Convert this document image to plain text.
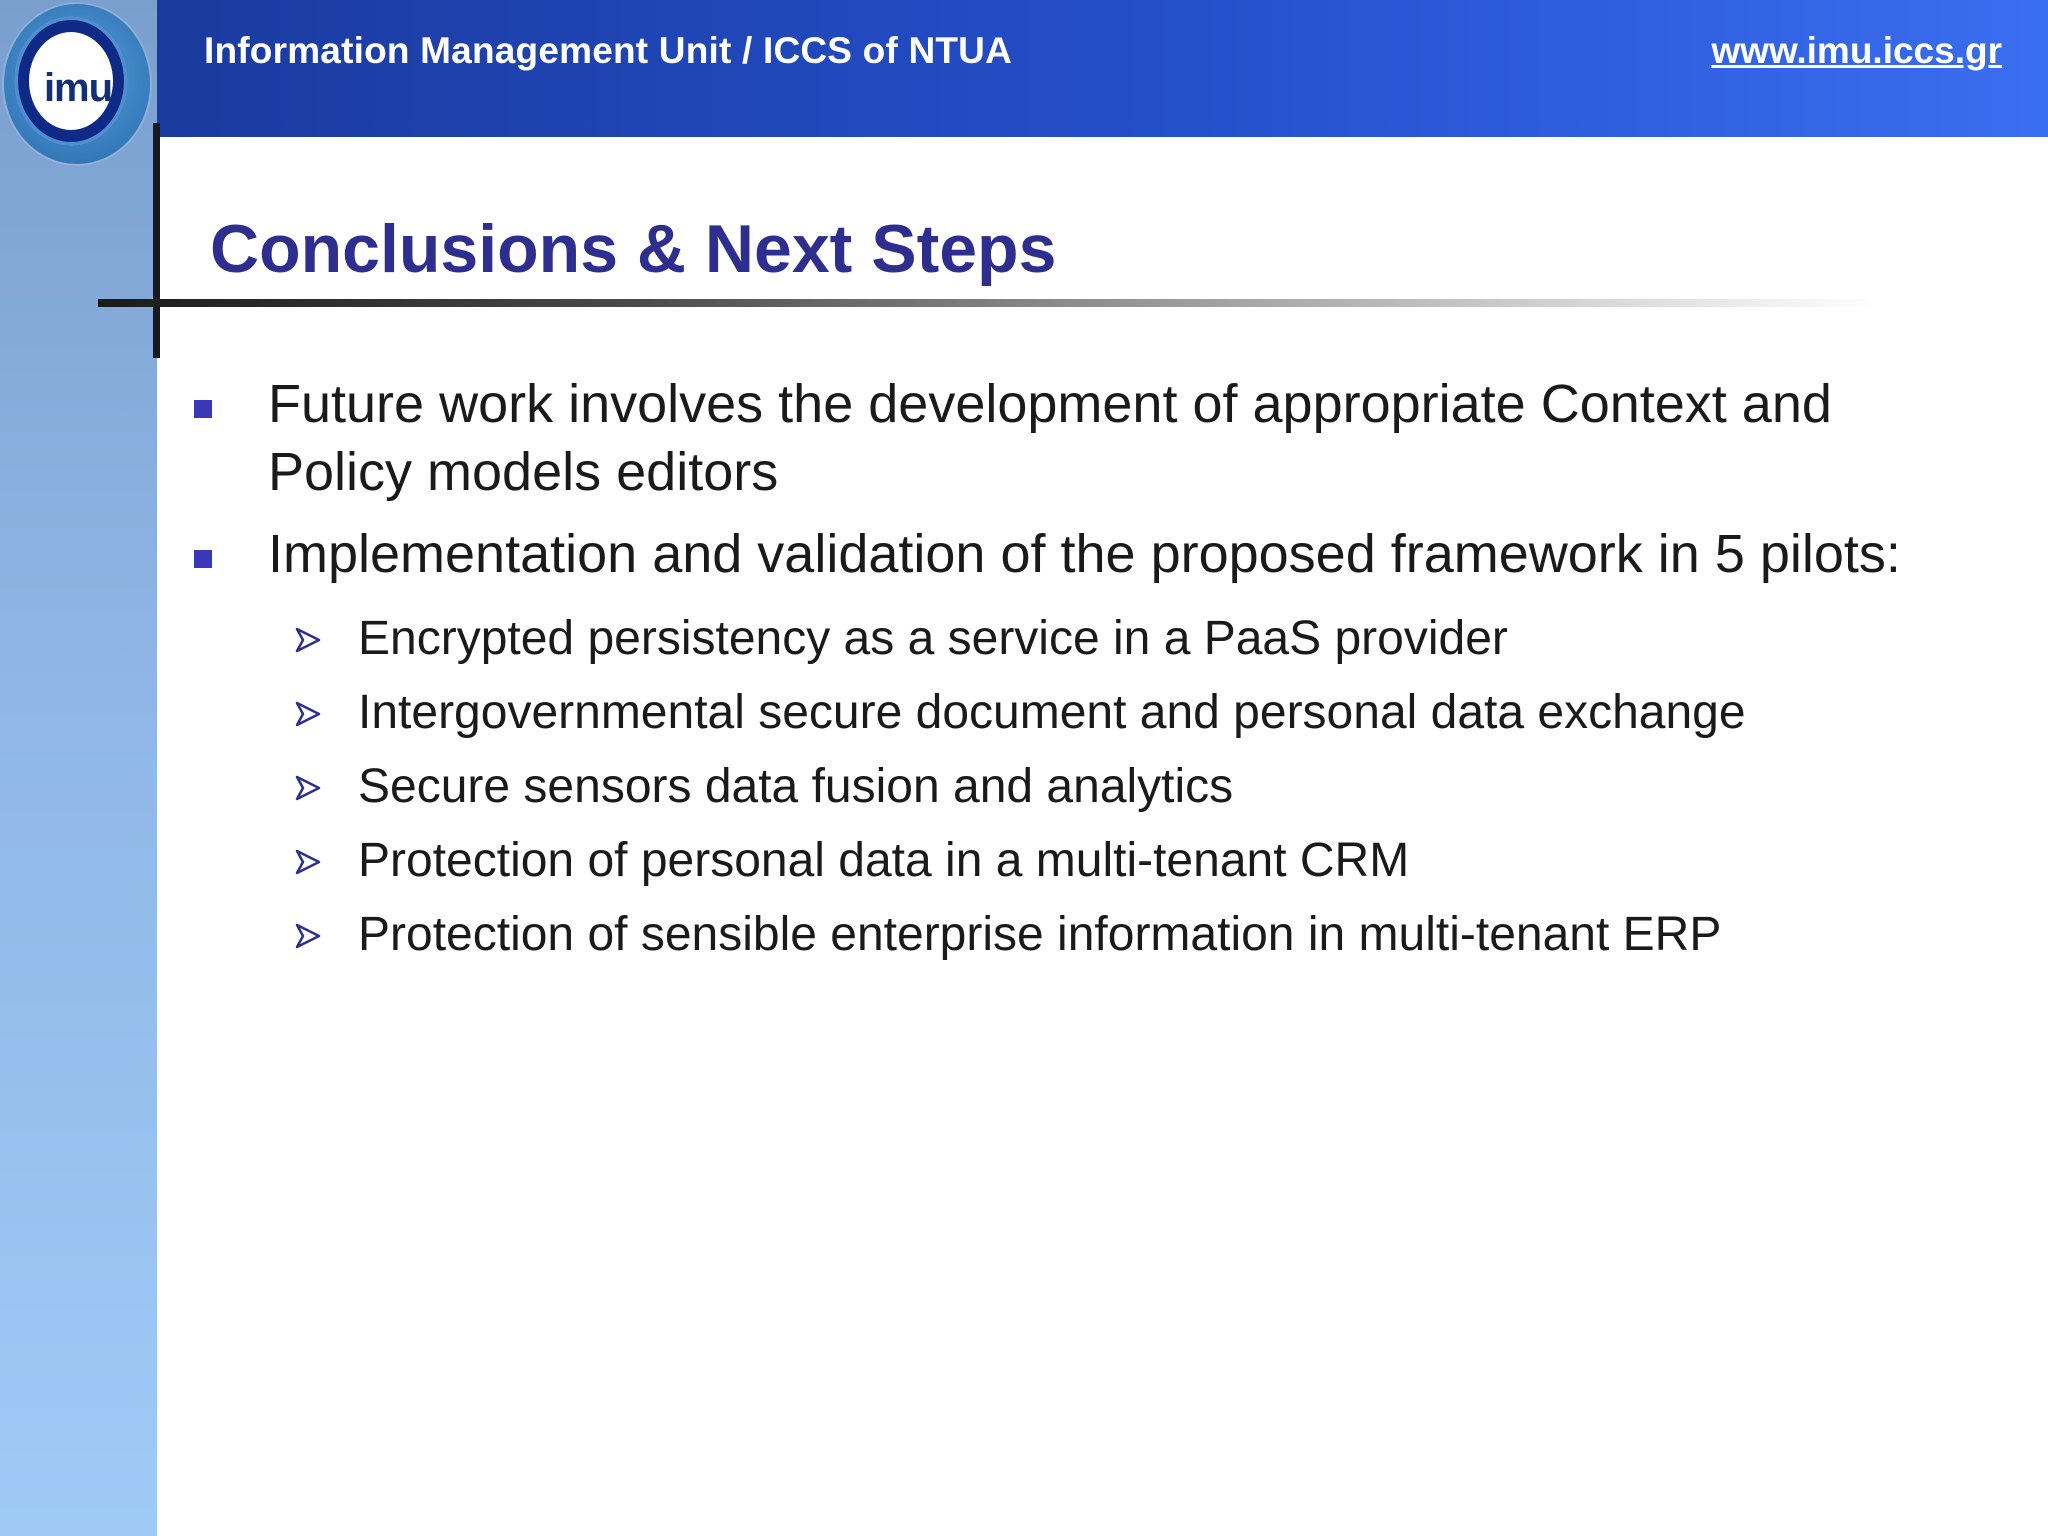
imu
Information Management Unit / ICCS of NTUA	www.imu.iccs.gr
Conclusions & Next Steps
Future work involves the development of appropriate Context and Policy models editors
Implementation and validation of the proposed framework in 5 pilots:
Encrypted persistency as a service in a PaaS provider
Intergovernmental secure document and personal data exchange
Secure sensors data fusion and analytics
Protection of personal data in a multi-tenant CRM
Protection of sensible enterprise information in multi-tenant ERP
